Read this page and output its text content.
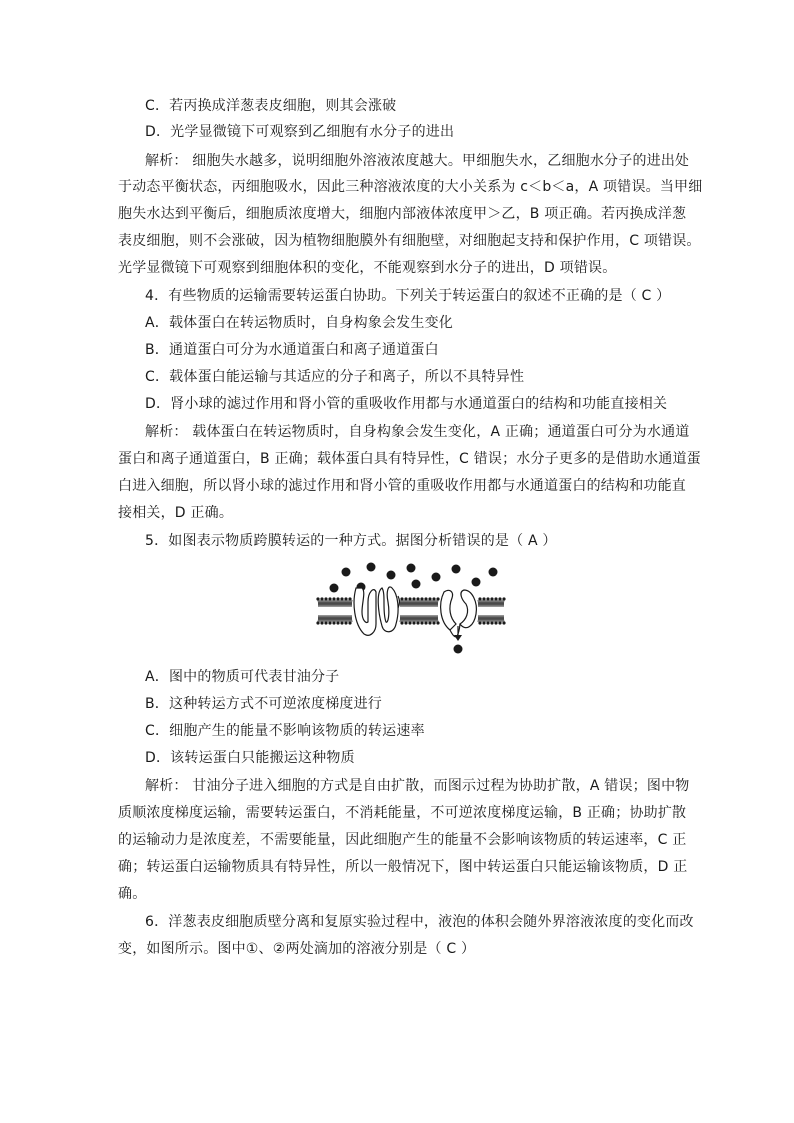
C．若丙换成洋葱表皮细胞，则其会涨破
D．光学显微镜下可观察到乙细胞有水分子的进出
解析： 细胞失水越多，说明细胞外溶液浓度越大。甲细胞失水，乙细胞水分子的进出处
于动态平衡状态，丙细胞吸水，因此三种溶液浓度的大小关系为 c＜b＜a，A 项错误。当甲细
胞失水达到平衡后，细胞质浓度增大，细胞内部液体浓度甲＞乙，B 项正确。若丙换成洋葱
表皮细胞，则不会涨破，因为植物细胞膜外有细胞壁，对细胞起支持和保护作用，C 项错误。
光学显微镜下可观察到细胞体积的变化，不能观察到水分子的进出，D 项错误。
4．有些物质的运输需要转运蛋白协助。下列关于转运蛋白的叙述不正确的是（ C ）
A．载体蛋白在转运物质时，自身构象会发生变化
B．通道蛋白可分为水通道蛋白和离子通道蛋白
C．载体蛋白能运输与其适应的分子和离子，所以不具特异性
D．肾小球的滤过作用和肾小管的重吸收作用都与水通道蛋白的结构和功能直接相关
解析： 载体蛋白在转运物质时，自身构象会发生变化，A 正确；通道蛋白可分为水通道
蛋白和离子通道蛋白，B 正确；载体蛋白具有特异性，C 错误；水分子更多的是借助水通道蛋
白进入细胞，所以肾小球的滤过作用和肾小管的重吸收作用都与水通道蛋白的结构和功能直
接相关，D 正确。
5．如图表示物质跨膜转运的一种方式。据图分析错误的是（ A ）
A．图中的物质可代表甘油分子
B．这种转运方式不可逆浓度梯度进行
C．细胞产生的能量不影响该物质的转运速率
D．该转运蛋白只能搬运这种物质
解析： 甘油分子进入细胞的方式是自由扩散，而图示过程为协助扩散，A 错误；图中物
质顺浓度梯度运输，需要转运蛋白，不消耗能量，不可逆浓度梯度运输，B 正确；协助扩散
的运输动力是浓度差，不需要能量，因此细胞产生的能量不会影响该物质的转运速率，C 正
确；转运蛋白运输物质具有特异性，所以一般情况下，图中转运蛋白只能运输该物质，D 正
确。
6．洋葱表皮细胞质壁分离和复原实验过程中，液泡的体积会随外界溶液浓度的变化而改
变，如图所示。图中①、②两处滴加的溶液分别是（ C ）
